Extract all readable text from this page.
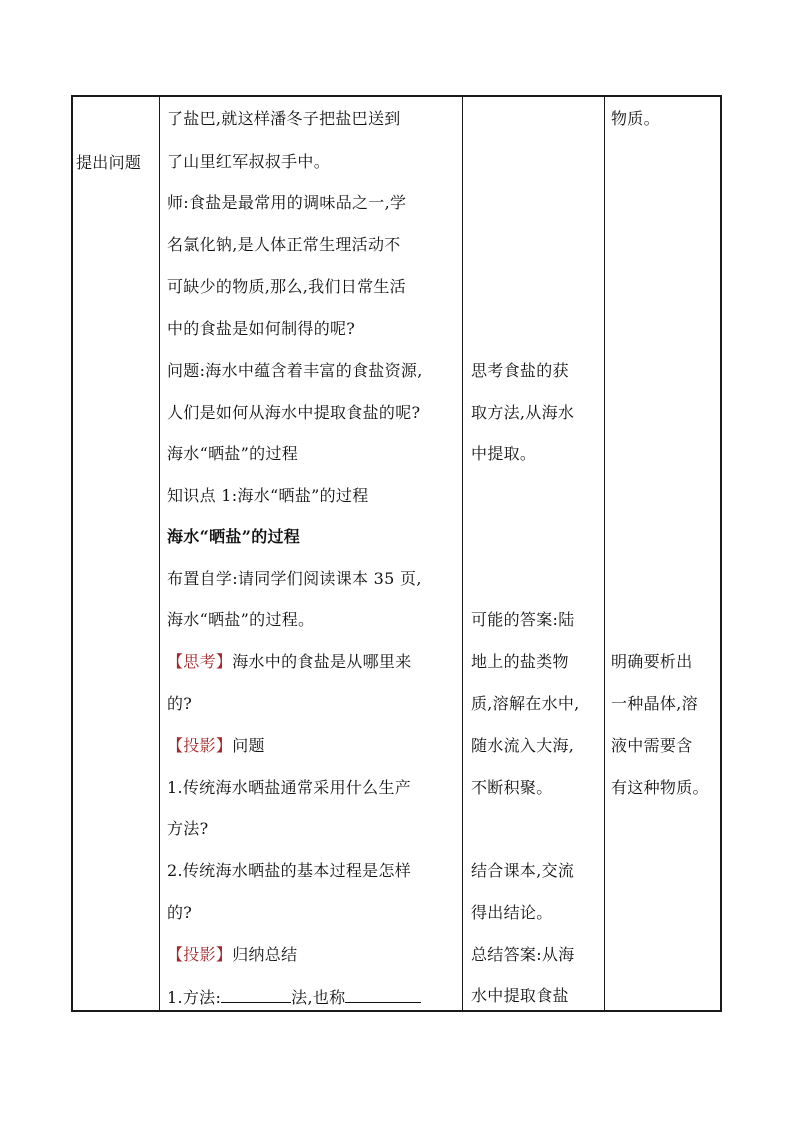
提出问题
了盐巴,就这样潘冬子把盐巴送到
了山里红军叔叔手中。
师:食盐是最常用的调味品之一,学
名氯化钠,是人体正常生理活动不
可缺少的物质,那么,我们日常生活
中的食盐是如何制得的呢?
问题:海水中蕴含着丰富的食盐资源,
人们是如何从海水中提取食盐的呢?
海水“晒盐”的过程
知识点 1:海水“晒盐”的过程
海水“晒盐”的过程
布置自学:请同学们阅读课本 35 页,
海水“晒盐”的过程。
【思考】海水中的食盐是从哪里来
的?
【投影】问题
1.传统海水晒盐通常采用什么生产
方法?
2.传统海水晒盐的基本过程是怎样
的?
【投影】归纳总结
1.方法:	法,也称
思考食盐的获
取方法,从海水
中提取。
可能的答案:陆
地上的盐类物
质,溶解在水中,
随水流入大海,
不断积聚。
结合课本,交流
得出结论。
总结答案:从海
水中提取食盐
物质。
明确要析出
一种晶体,溶
液中需要含
有这种物质。
